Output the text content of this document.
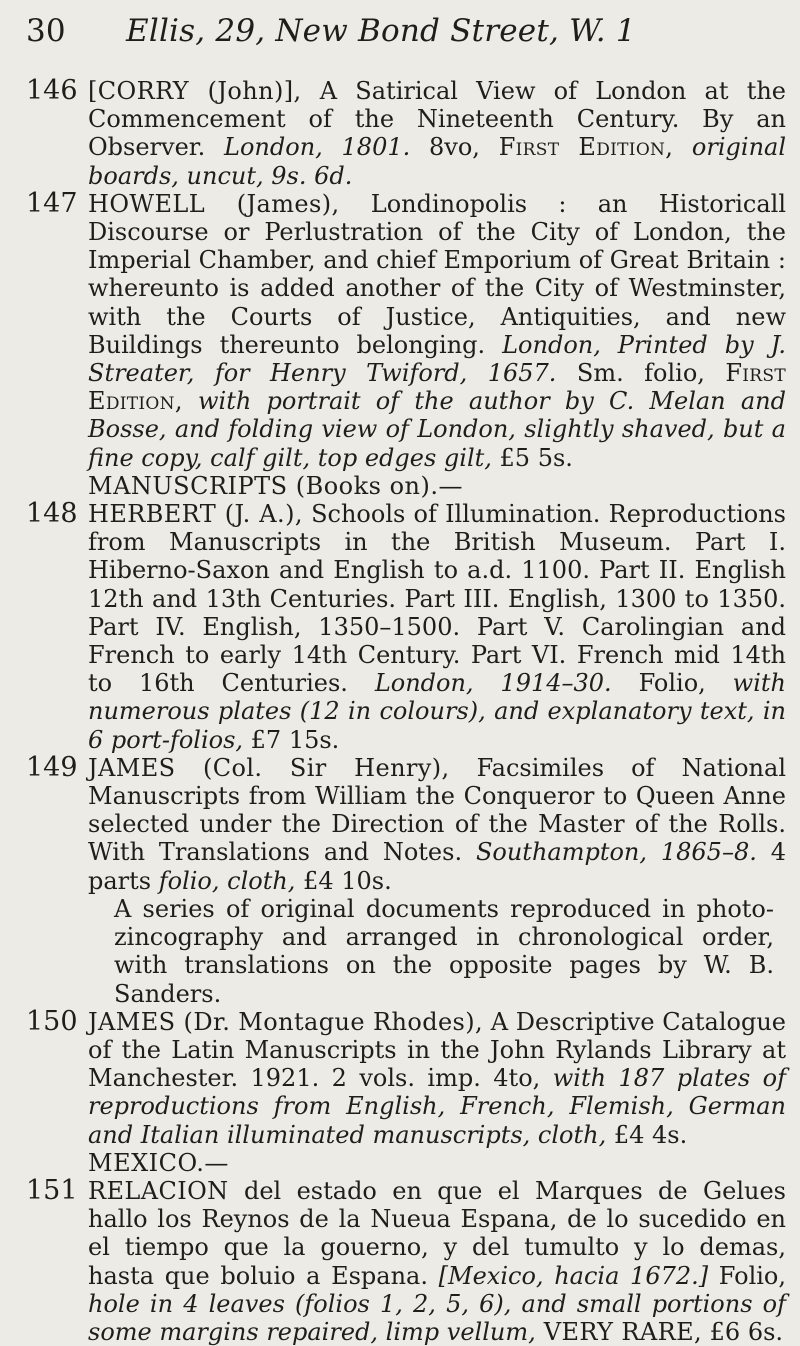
30 Ellis, 29, New Bond Street, W. 1
146 [CORRY (John)], A Satirical View of London at the Commencement of the Nineteenth Century. By an Observer. London, 1801. 8vo, First Edition, original boards, uncut, 9s. 6d.
147 HOWELL (James), Londinopolis : an Historicall Discourse or Perlustration of the City of London, the Imperial Chamber, and chief Emporium of Great Britain : whereunto is added another of the City of Westminster, with the Courts of Justice, Antiquities, and new Buildings thereunto belonging. London, Printed by J. Streater, for Henry Twiford, 1657. Sm. folio, First Edition, with portrait of the author by C. Melan and Bosse, and folding view of London, slightly shaved, but a fine copy, calf gilt, top edges gilt, £5 5s.
MANUSCRIPTS (Books on).—
148 HERBERT (J. A.), Schools of Illumination. Reproductions from Manuscripts in the British Museum. Part I. Hiberno-Saxon and English to a.d. 1100. Part II. English 12th and 13th Centuries. Part III. English, 1300 to 1350. Part IV. English, 1350–1500. Part V. Carolingian and French to early 14th Century. Part VI. French mid 14th to 16th Centuries. London, 1914–30. Folio, with numerous plates (12 in colours), and explanatory text, in 6 port-folios, £7 15s.
149 JAMES (Col. Sir Henry), Facsimiles of National Manuscripts from William the Conqueror to Queen Anne selected under the Direction of the Master of the Rolls. With Translations and Notes. Southampton, 1865–8. 4 parts folio, cloth, £4 10s.
A series of original documents reproduced in photo-zincography and arranged in chronological order, with translations on the opposite pages by W. B. Sanders.
150 JAMES (Dr. Montague Rhodes), A Descriptive Catalogue of the Latin Manuscripts in the John Rylands Library at Manchester. 1921. 2 vols. imp. 4to, with 187 plates of reproductions from English, French, Flemish, German and Italian illuminated manuscripts, cloth, £4 4s.
MEXICO.—
151 RELACION del estado en que el Marques de Gelues hallo los Reynos de la Nueua Espana, de lo sucedido en el tiempo que la gouerno, y del tumulto y lo demas, hasta que boluio a Espana. [Mexico, hacia 1672.] Folio, hole in 4 leaves (folios 1, 2, 5, 6), and small portions of some margins repaired, limp vellum, VERY RARE, £6 6s.
